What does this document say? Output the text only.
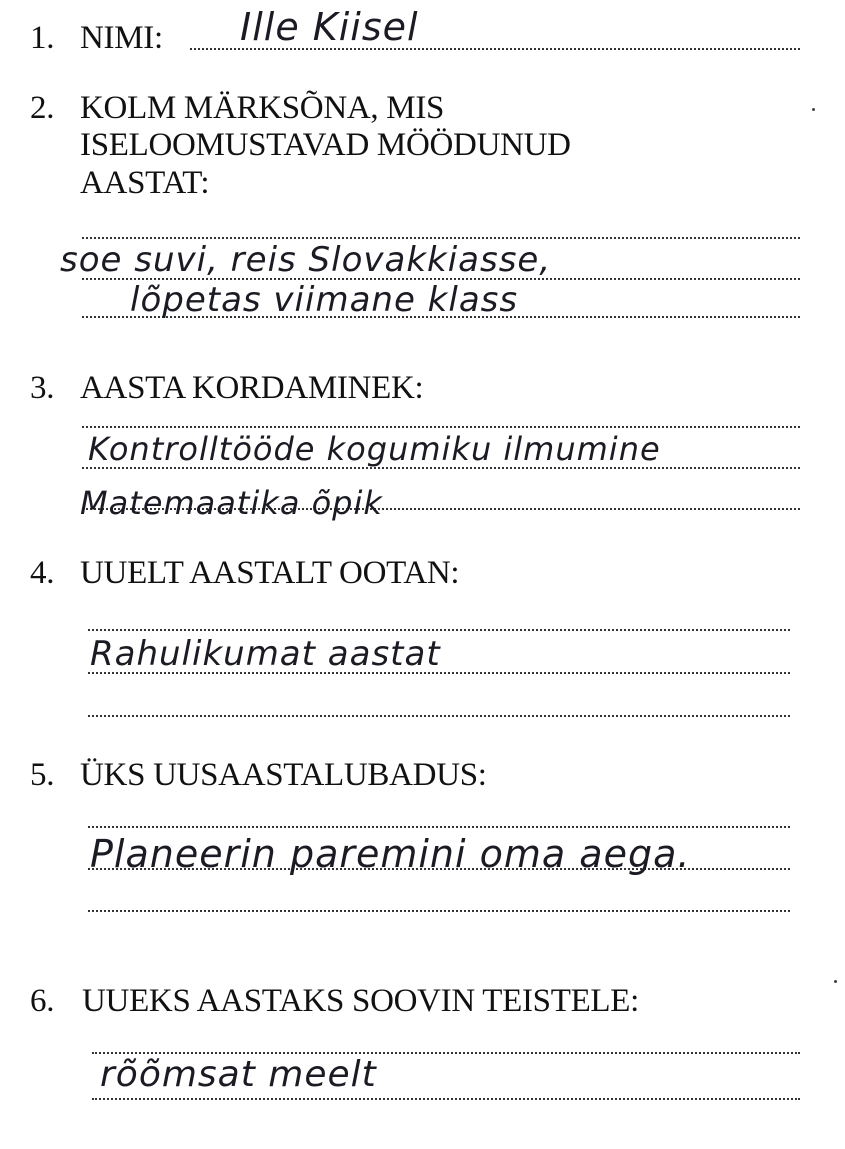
1. NIMI: Ille Kiisel
2. KOLM MÄRKSÕNA, MIS ISELOOMUSTAVAD MÖÖDUNUD AASTAT:
soe suvi, reis Slovakkiasse,
lõpetas viimane klass
3. AASTA KORDAMINEK:
Kontrolltööde kogumiku ilmumine
Matemaatika õpik
4. UUELT AASTALT OOTAN:
Rahulikumat aastat
5. ÜKS UUSAASTALUBADUS:
Planeerin paremini oma aega.
6. UUEKS AASTAKS SOOVIN TEISTELE:
rõõmsat meelt
